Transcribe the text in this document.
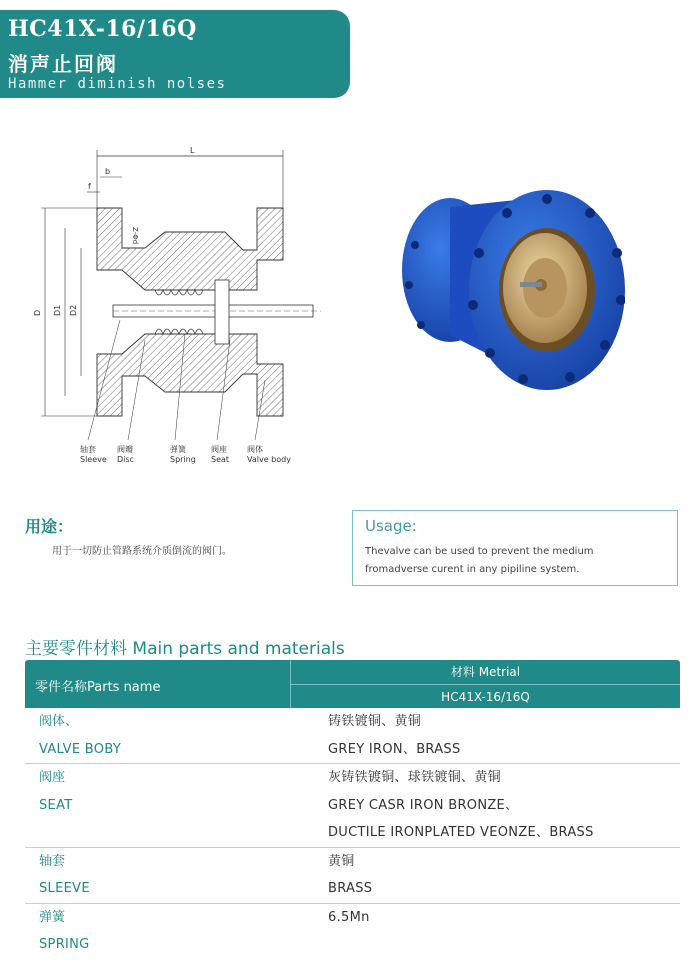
HC41X-16/16Q
消声止回阀
Hammer diminish nolses
L
b
f
D D1 D2
Z-Φd
轴套
Sleeve
阀瓣
Disc
弹簧
Spring
阀座
Seat
阀体
Valve body
用途：
用于一切防止管路系统介质倒流的阀门。
Usage:
Thevalve can be used to prevent the medium
fromadverse curent in any pipiline system.
主要零件材料 Main parts and materials
零件名称Parts name
材料 Metrial
HC41X-16/16Q
阀体、	铸铁镀铜、黄铜
VALVE BOBY	GREY IRON、BRASS
阀座	灰铸铁镀铜、球铁镀铜、黄铜
SEAT	GREY CASR IRON BRONZE、
DUCTILE IRONPLATED VEONZE、BRASS
轴套	黄铜
SLEEVE	BRASS
弹簧	6.5Mn
SPRING
